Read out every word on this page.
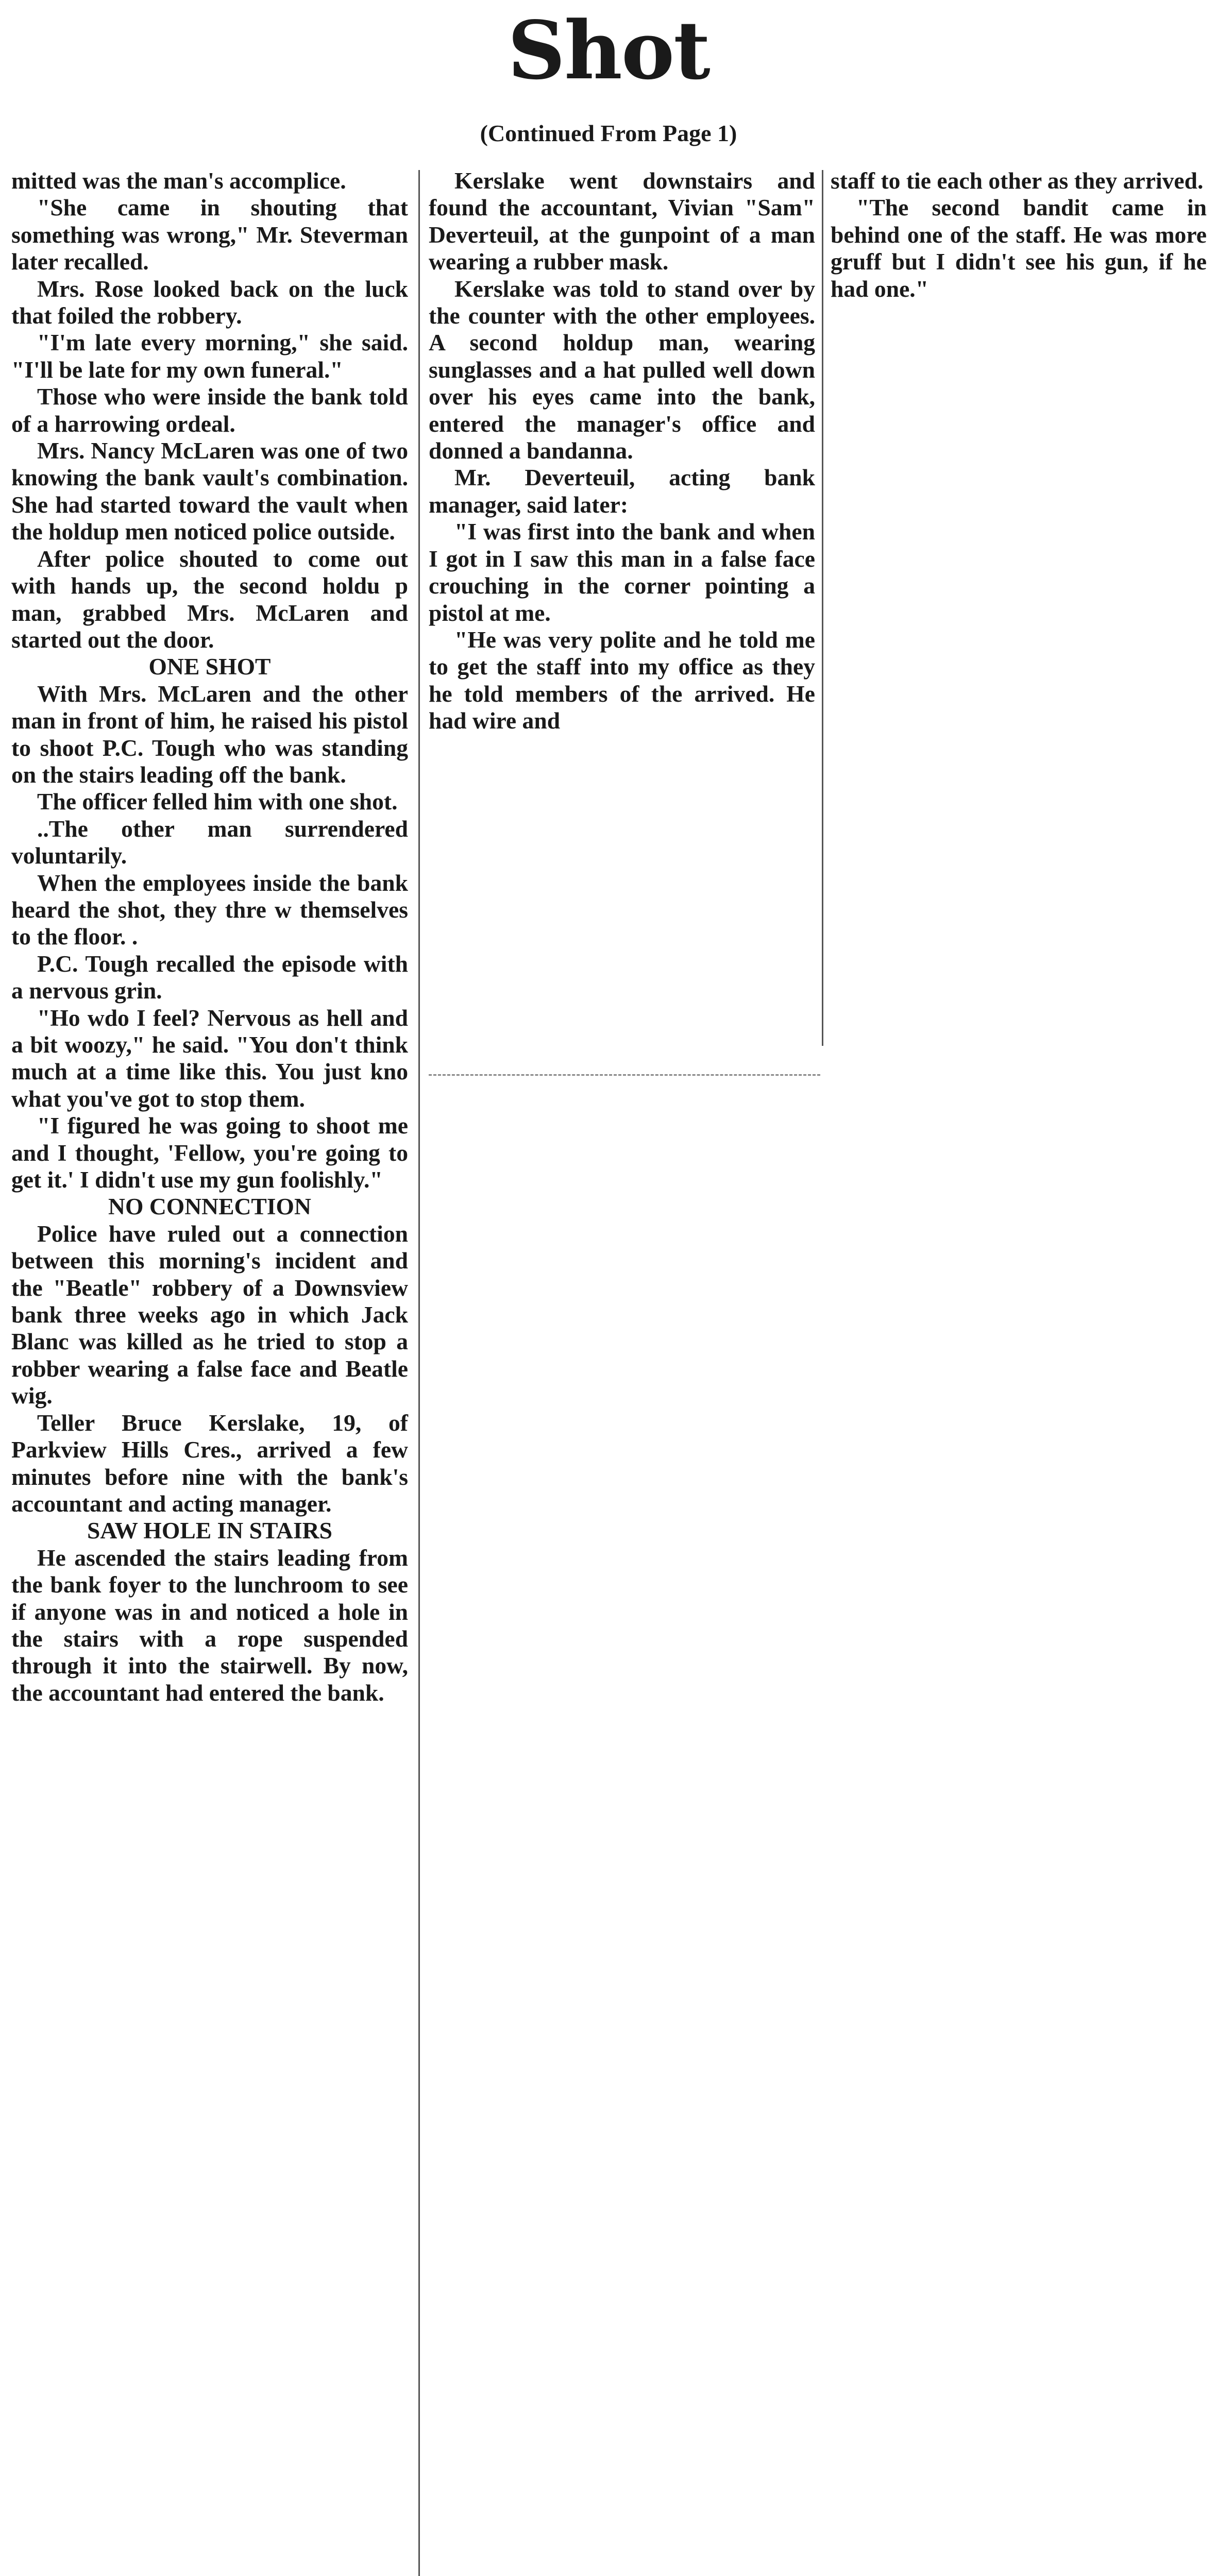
Shot
(Continued From Page 1)

mitted was the man's accomplice.

"She came in shouting that something was wrong," Mr. Steverman later recalled.

Mrs. Rose looked back on the luck that foiled the robbery.

"I'm late every morning," she said. "I'll be late for my own funeral."

Those who were inside the bank told of a harrowing ordeal.

Mrs. Nancy McLaren was one of two knowing the bank vault's combination. She had started toward the vault when the holdup men noticed police outside.

After police shouted to come out with hands up, the second holdu p man, grabbed Mrs. McLaren and started out the door.

ONE SHOT

With Mrs. McLaren and the other man in front of him, he raised his pistol to shoot P.C. Tough who was standing on the stairs leading off the bank.

The officer felled him with one shot.

..The other man surrendered voluntarily.

When the employees inside the bank heard the shot, they thre w themselves to the floor. .

P.C. Tough recalled the episode with a nervous grin.

"Ho wdo I feel? Nervous as hell and a bit woozy," he said. "You don't think much at a time like this. You just kno what you've got to stop them.

"I figured he was going to shoot me and I thought, 'Fellow, you're going to get it.' I didn't use my gun foolishly."

NO CONNECTION

Police have ruled out a connection between this morning's incident and the "Beatle" robbery of a Downsview bank three weeks ago in which Jack Blanc was killed as he tried to stop a robber wearing a false face and Beatle wig.

Teller Bruce Kerslake, 19, of Parkview Hills Cres., arrived a few minutes before nine with the bank's accountant and acting manager.

SAW HOLE IN STAIRS

He ascended the stairs leading from the bank foyer to the lunchroom to see if anyone was in and noticed a hole in the stairs with a rope suspended through it into the stairwell. By now, the accountant had entered the bank.

Kerslake went downstairs and found the accountant, Vivian "Sam" Deverteuil, at the gunpoint of a man wearing a rubber mask.

Kerslake was told to stand over by the counter with the other employees. A second holdup man, wearing sunglasses and a hat pulled well down over his eyes came into the bank, entered the manager's office and donned a bandanna.

Mr. Deverteuil, acting bank manager, said later:

"I was first into the bank and when I got in I saw this man in a false face crouching in the corner pointing a pistol at me.

"He was very polite and he told me to get the staff into my office as they he told members of the arrived. He had wire and

staff to tie each other as they arrived.

"The second bandit came in behind one of the staff. He was more gruff but I didn't see his gun, if he had one."
